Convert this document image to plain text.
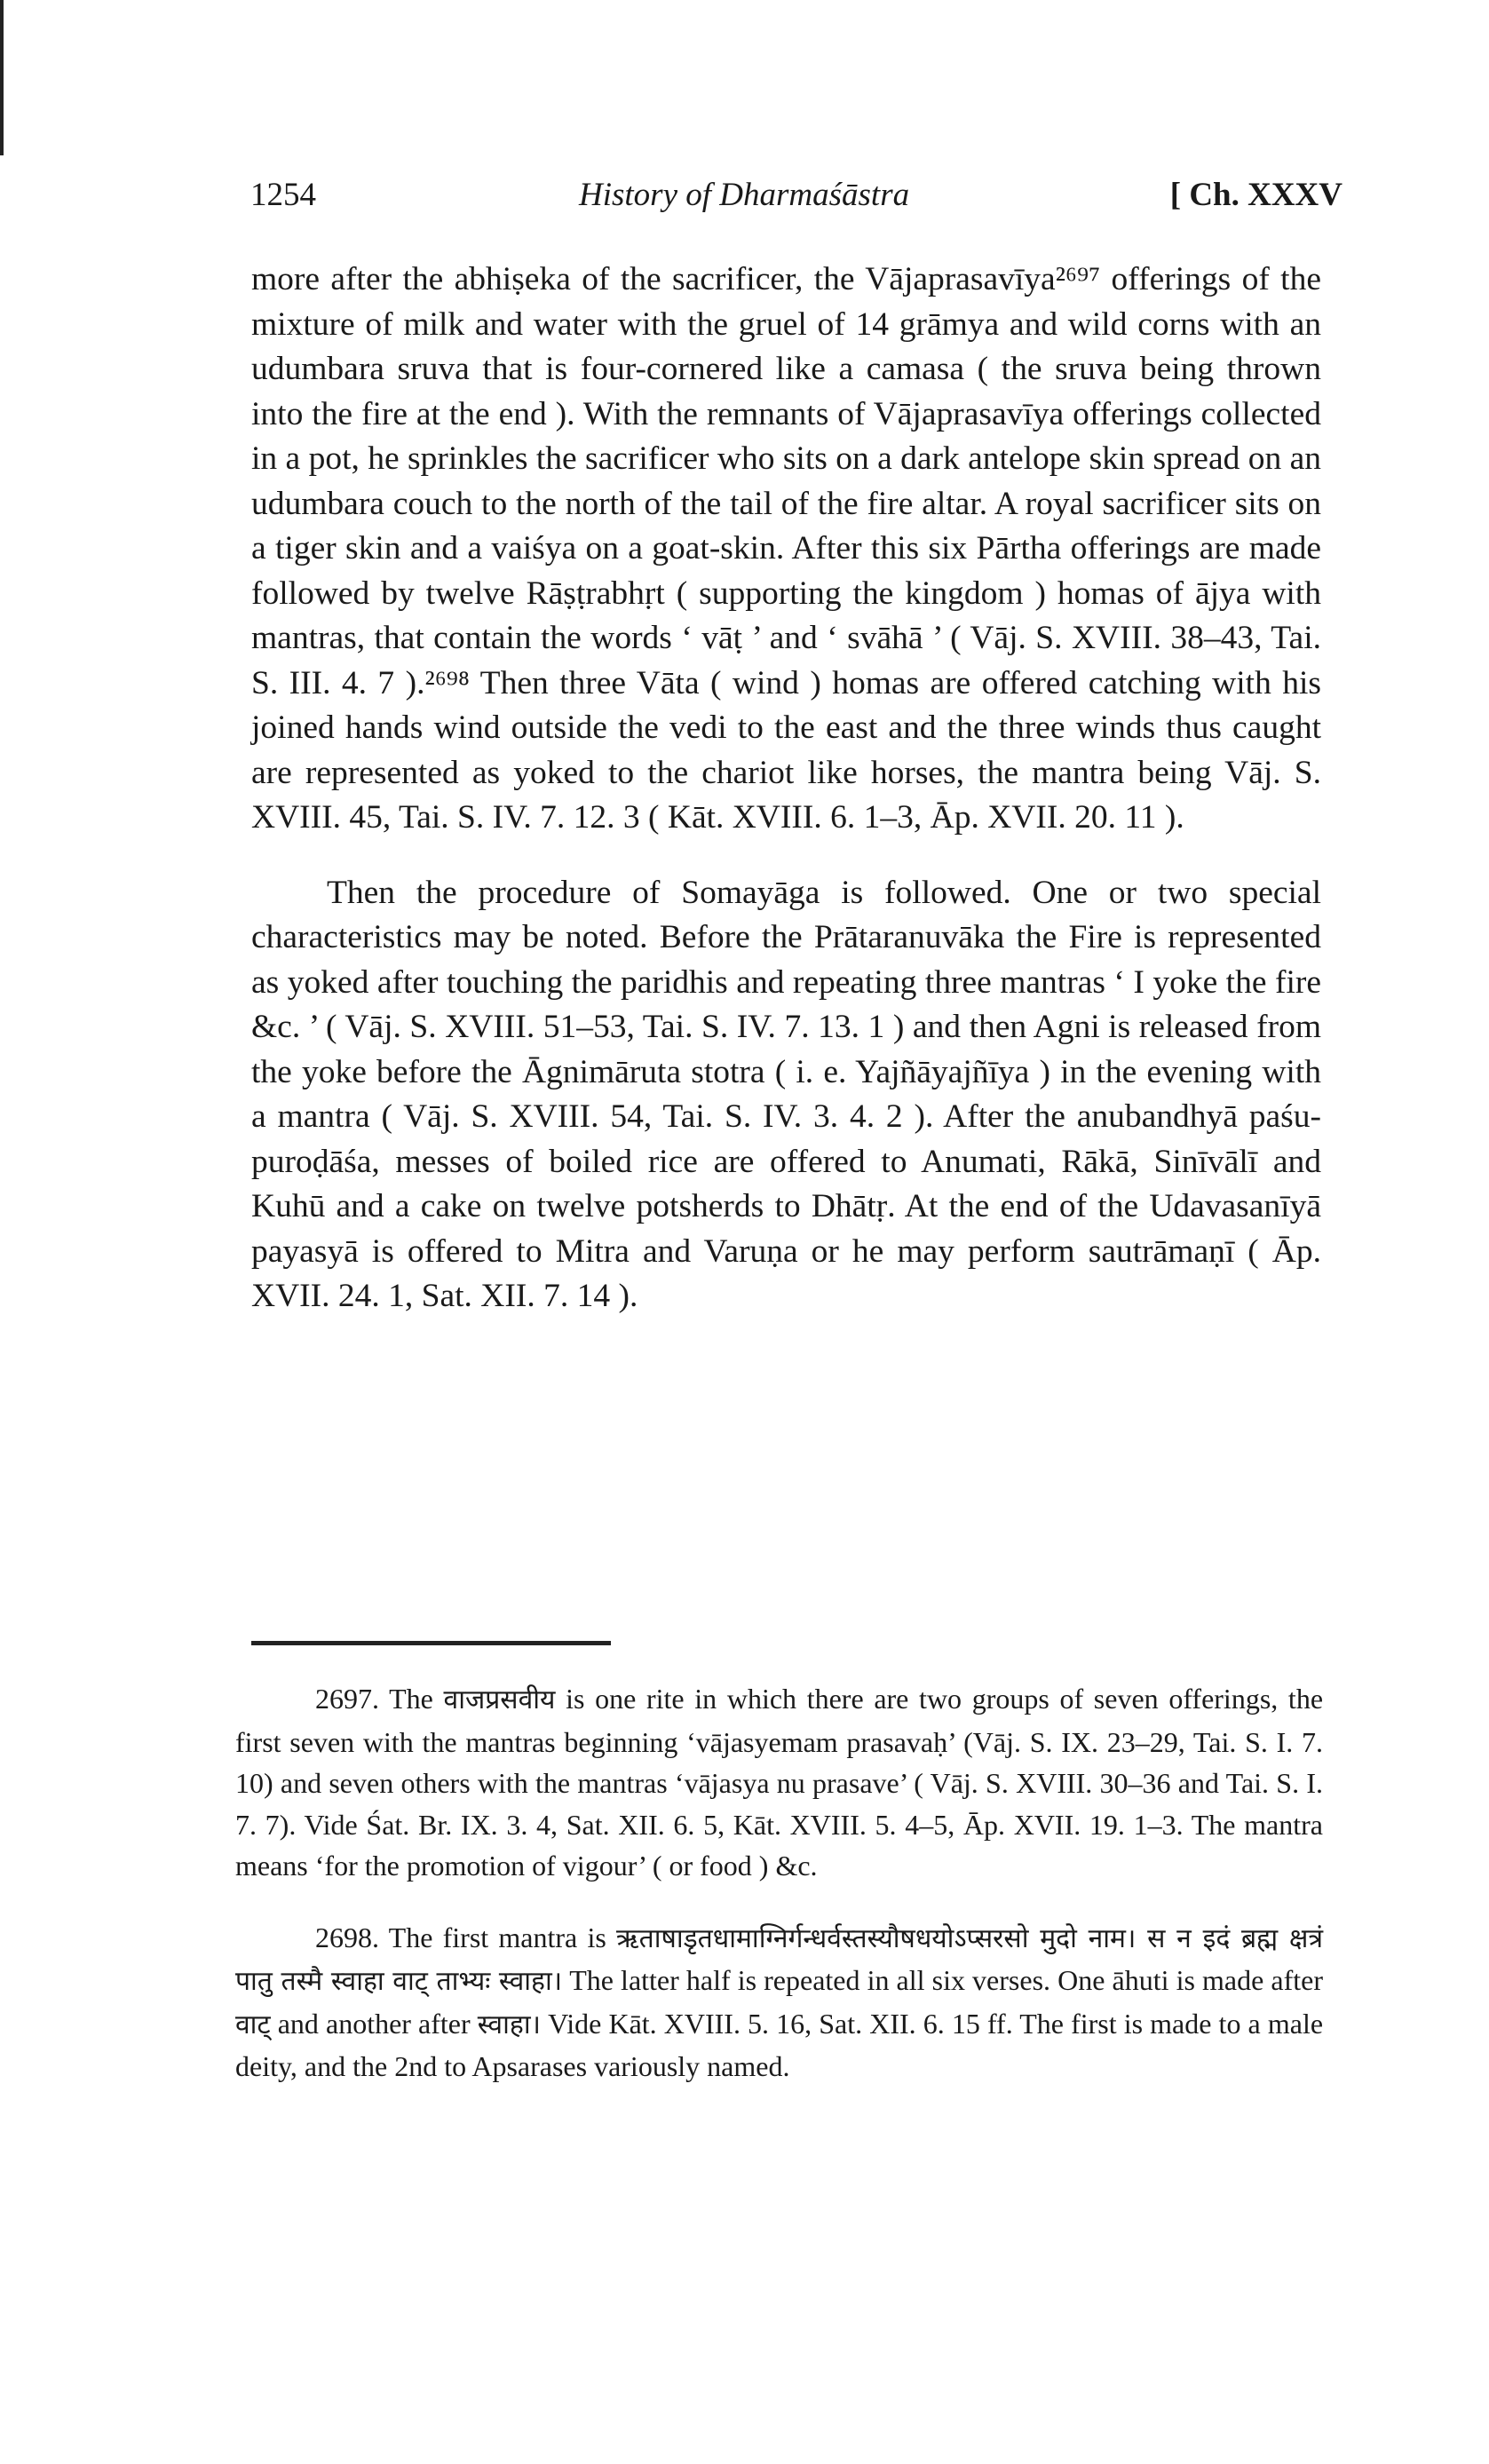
1254	History of Dharmaśāstra	[ Ch. XXXV

more after the abhiṣeka of the sacrificer, the Vājaprasavīya²⁶⁹⁷ offerings of the mixture of milk and water with the gruel of 14 grāmya and wild corns with an udumbara sruva that is four-cornered like a camasa ( the sruva being thrown into the fire at the end ). With the remnants of Vājaprasavīya offerings collected in a pot, he sprinkles the sacrificer who sits on a dark antelope skin spread on an udumbara couch to the north of the tail of the fire altar. A royal sacrificer sits on a tiger skin and a vaiśya on a goat-skin. After this six Pārtha offerings are made followed by twelve Rāṣṭrabhṛt ( supporting the kingdom ) homas of ājya with mantras, that contain the words ‘ vāṭ ’ and ‘ svāhā ’ ( Vāj. S. XVIII. 38–43, Tai. S. III. 4. 7 ).²⁶⁹⁸ Then three Vāta ( wind ) homas are offered catching with his joined hands wind outside the vedi to the east and the three winds thus caught are represented as yoked to the chariot like horses, the mantra being Vāj. S. XVIII. 45, Tai. S. IV. 7. 12. 3 ( Kāt. XVIII. 6. 1–3, Āp. XVII. 20. 11 ).

Then the procedure of Somayāga is followed. One or two special characteristics may be noted. Before the Prātaranuvāka the Fire is represented as yoked after touching the paridhis and repeating three mantras ‘ I yoke the fire &c. ’ ( Vāj. S. XVIII. 51–53, Tai. S. IV. 7. 13. 1 ) and then Agni is released from the yoke before the Āgnimāruta stotra ( i. e. Yajñāyajñīya ) in the evening with a mantra ( Vāj. S. XVIII. 54, Tai. S. IV. 3. 4. 2 ). After the anubandhyā paśu-puroḍāśa, messes of boiled rice are offered to Anumati, Rākā, Sinīvālī and Kuhū and a cake on twelve potsherds to Dhātṛ. At the end of the Udavasanīyā payasyā is offered to Mitra and Varuṇa or he may perform sautrāmaṇī ( Āp. XVII. 24. 1, Sat. XII. 7. 14 ).

2697. The वाजप्रसवीय is one rite in which there are two groups of seven offerings, the first seven with the mantras beginning ‘vājasyemam prasavaḥ’ (Vāj. S. IX. 23–29, Tai. S. I. 7. 10) and seven others with the mantras ‘vājasya nu prasave’ ( Vāj. S. XVIII. 30–36 and Tai. S. I. 7. 7). Vide Śat. Br. IX. 3. 4, Sat. XII. 6. 5, Kāt. XVIII. 5. 4–5, Āp. XVII. 19. 1–3. The mantra means ‘for the promotion of vigour’ ( or food ) &c.

2698. The first mantra is ऋताषाडृतधामाग्निर्गन्धर्वस्तस्यौषधयोऽप्सरसो मुदो नाम। स न इदं ब्रह्म क्षत्रं पातु तस्मै स्वाहा वाट् ताभ्यः स्वाहा। The latter half is repeated in all six verses. One āhuti is made after वाट् and another after स्वाहा। Vide Kāt. XVIII. 5. 16, Sat. XII. 6. 15 ff. The first is made to a male deity, and the 2nd to Apsarases variously named.
